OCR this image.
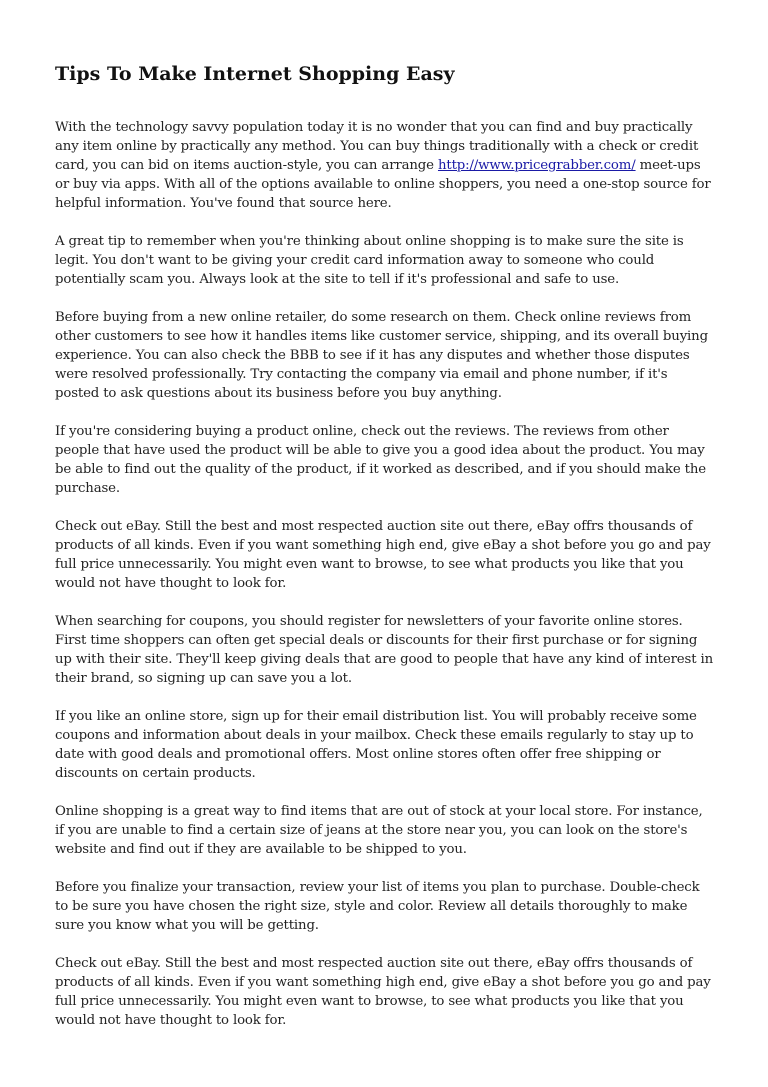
Tips To Make Internet Shopping Easy

With the technology savvy population today it is no wonder that you can find and buy practically any item online by practically any method. You can buy things traditionally with a check or credit card, you can bid on items auction-style, you can arrange http://www.pricegrabber.com/ meet-ups or buy via apps. With all of the options available to online shoppers, you need a one-stop source for helpful information. You've found that source here.

A great tip to remember when you're thinking about online shopping is to make sure the site is legit. You don't want to be giving your credit card information away to someone who could potentially scam you. Always look at the site to tell if it's professional and safe to use.

Before buying from a new online retailer, do some research on them. Check online reviews from other customers to see how it handles items like customer service, shipping, and its overall buying experience. You can also check the BBB to see if it has any disputes and whether those disputes were resolved professionally. Try contacting the company via email and phone number, if it's posted to ask questions about its business before you buy anything.

If you're considering buying a product online, check out the reviews. The reviews from other people that have used the product will be able to give you a good idea about the product. You may be able to find out the quality of the product, if it worked as described, and if you should make the purchase.

Check out eBay. Still the best and most respected auction site out there, eBay offrs thousands of products of all kinds. Even if you want something high end, give eBay a shot before you go and pay full price unnecessarily. You might even want to browse, to see what products you like that you would not have thought to look for.

When searching for coupons, you should register for newsletters of your favorite online stores. First time shoppers can often get special deals or discounts for their first purchase or for signing up with their site. They'll keep giving deals that are good to people that have any kind of interest in their brand, so signing up can save you a lot.

If you like an online store, sign up for their email distribution list. You will probably receive some coupons and information about deals in your mailbox. Check these emails regularly to stay up to date with good deals and promotional offers. Most online stores often offer free shipping or discounts on certain products.

Online shopping is a great way to find items that are out of stock at your local store. For instance, if you are unable to find a certain size of jeans at the store near you, you can look on the store's website and find out if they are available to be shipped to you.

Before you finalize your transaction, review your list of items you plan to purchase. Double-check to be sure you have chosen the right size, style and color. Review all details thoroughly to make sure you know what you will be getting.

Check out eBay. Still the best and most respected auction site out there, eBay offrs thousands of products of all kinds. Even if you want something high end, give eBay a shot before you go and pay full price unnecessarily. You might even want to browse, to see what products you like that you would not have thought to look for.
